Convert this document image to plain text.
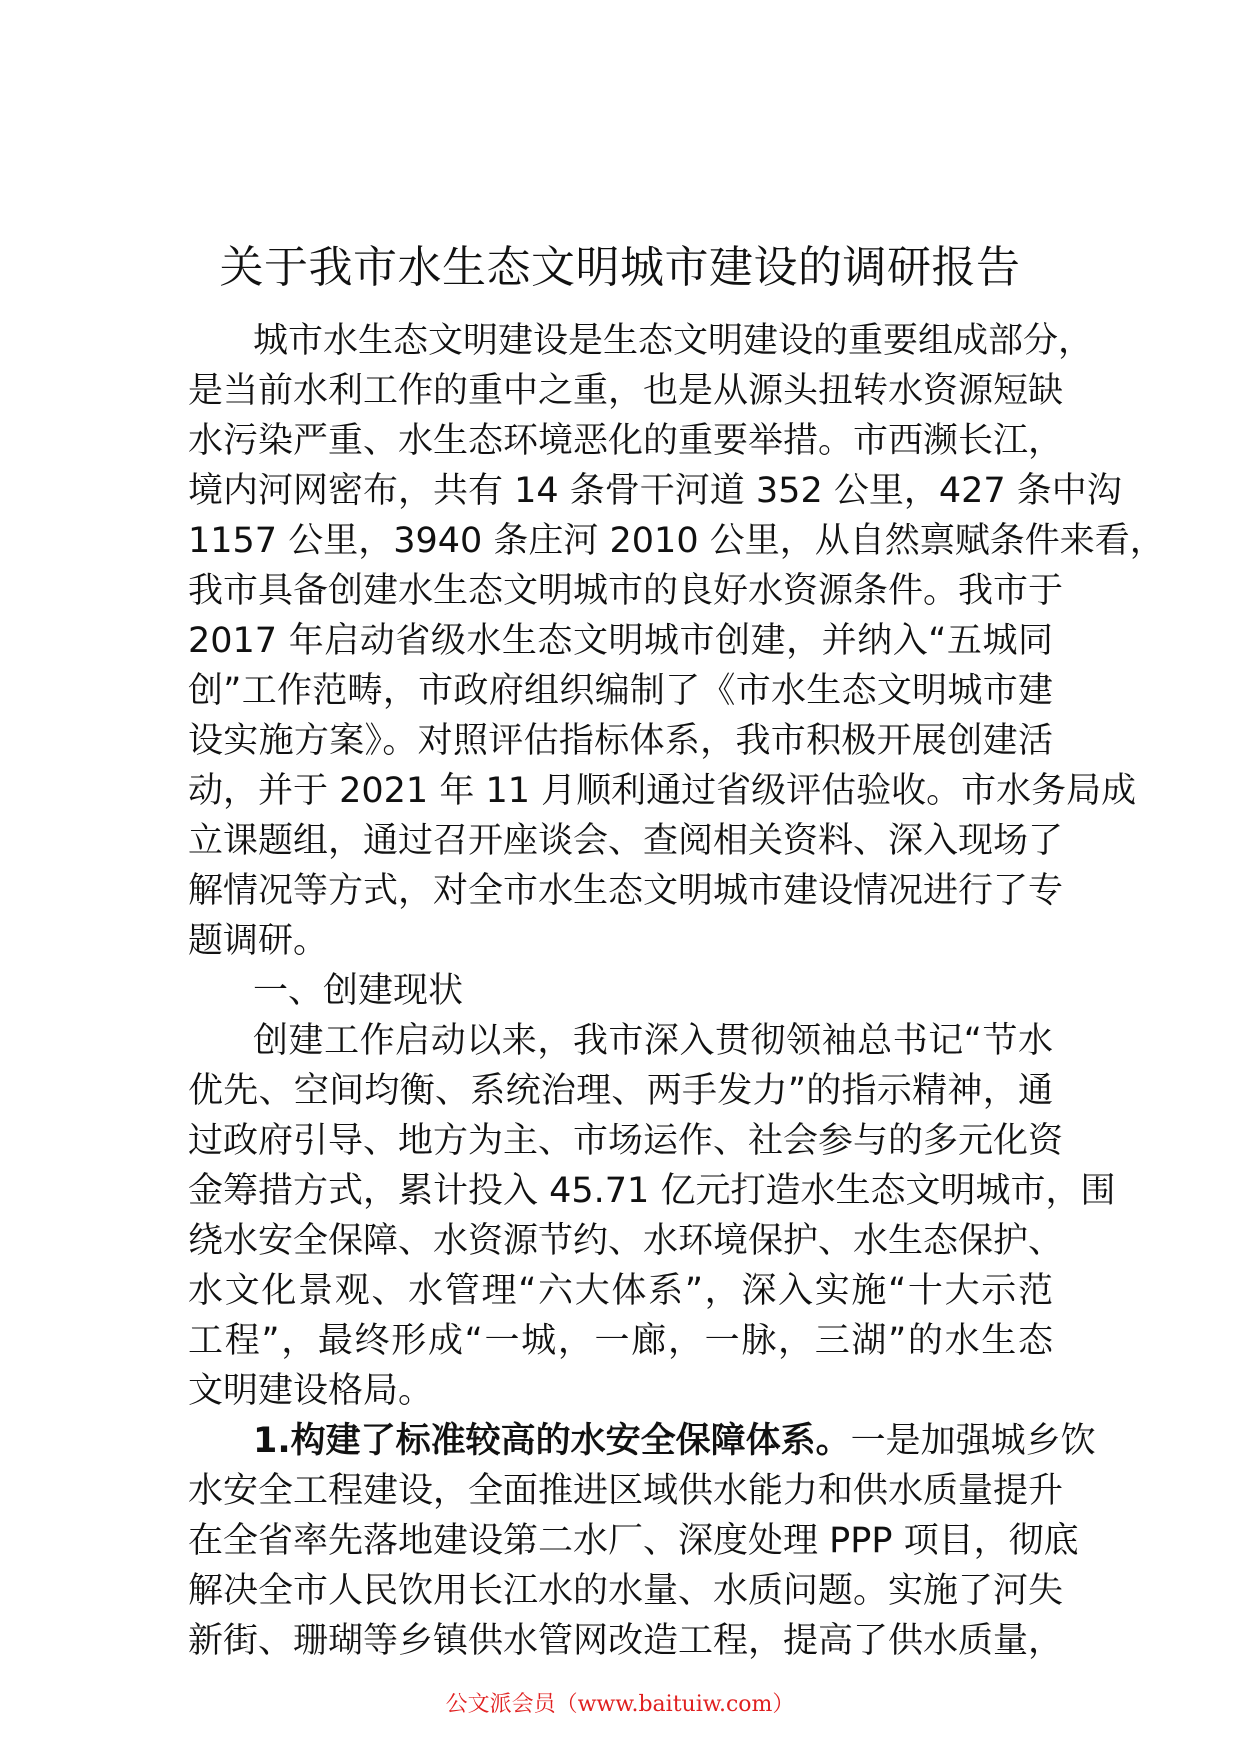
关于我市水生态文明城市建设的调研报告
城市水生态文明建设是生态文明建设的重要组成部分，
是当前水利工作的重中之重，也是从源头扭转水资源短缺
水污染严重、水生态环境恶化的重要举措。市西濒长江，
境内河网密布，共有 14 条骨干河道 352 公里，427 条中沟
1157 公里，3940 条庄河 2010 公里，从自然禀赋条件来看，
我市具备创建水生态文明城市的良好水资源条件。我市于
2017 年启动省级水生态文明城市创建，并纳入“五城同
创”工作范畴，市政府组织编制了《市水生态文明城市建
设实施方案》。对照评估指标体系，我市积极开展创建活
动，并于 2021 年 11 月顺利通过省级评估验收。市水务局成
立课题组，通过召开座谈会、查阅相关资料、深入现场了
解情况等方式，对全市水生态文明城市建设情况进行了专
题调研。
一、创建现状
创建工作启动以来，我市深入贯彻领袖总书记“节水
优先、空间均衡、系统治理、两手发力”的指示精神，通
过政府引导、地方为主、市场运作、社会参与的多元化资
金筹措方式，累计投入 45.71 亿元打造水生态文明城市，围
绕水安全保障、水资源节约、水环境保护、水生态保护、
水文化景观、水管理“六大体系”，深入实施“十大示范
工程”，最终形成“一城，一廊，一脉，三湖”的水生态
文明建设格局。
1.构建了标准较高的水安全保障体系。一是加强城乡饮
水安全工程建设，全面推进区域供水能力和供水质量提升
在全省率先落地建设第二水厂、深度处理 PPP 项目，彻底
解决全市人民饮用长江水的水量、水质问题。实施了河失
新街、珊瑚等乡镇供水管网改造工程，提高了供水质量，
公文派会员（www.baituiw.com）
